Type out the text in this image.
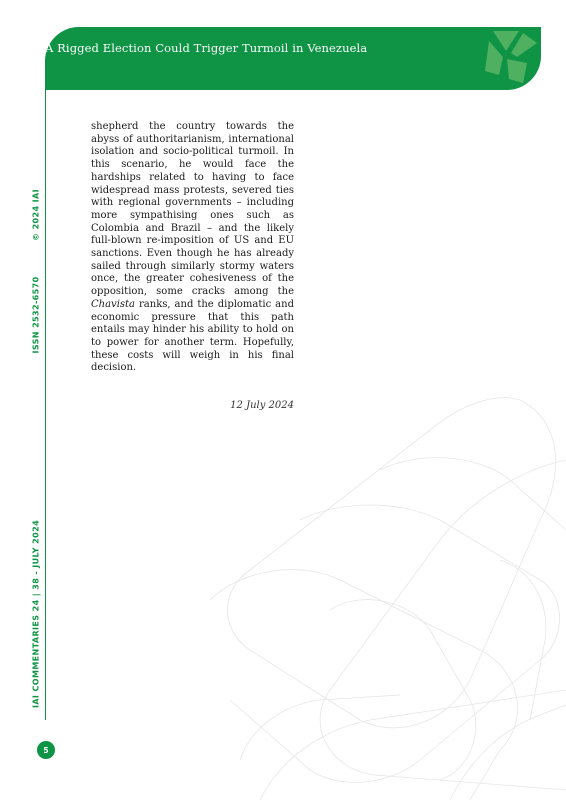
A Rigged Election Could Trigger Turmoil in Venezuela
© 2024 IAI
ISSN 2532-6570
IAI COMMENTARIES 24 | 38 - JULY 2024

shepherd the country towards the abyss of authoritarianism, international isolation and socio-political turmoil. In this scenario, he would face the hardships related to having to face widespread mass protests, severed ties with regional governments – including more sympathising ones such as Colombia and Brazil – and the likely full-blown re-imposition of US and EU sanctions. Even though he has already sailed through similarly stormy waters once, the greater cohesiveness of the opposition, some cracks among the Chavista ranks, and the diplomatic and economic pressure that this path entails may hinder his ability to hold on to power for another term. Hopefully, these costs will weigh in his final decision.

12 July 2024
5
